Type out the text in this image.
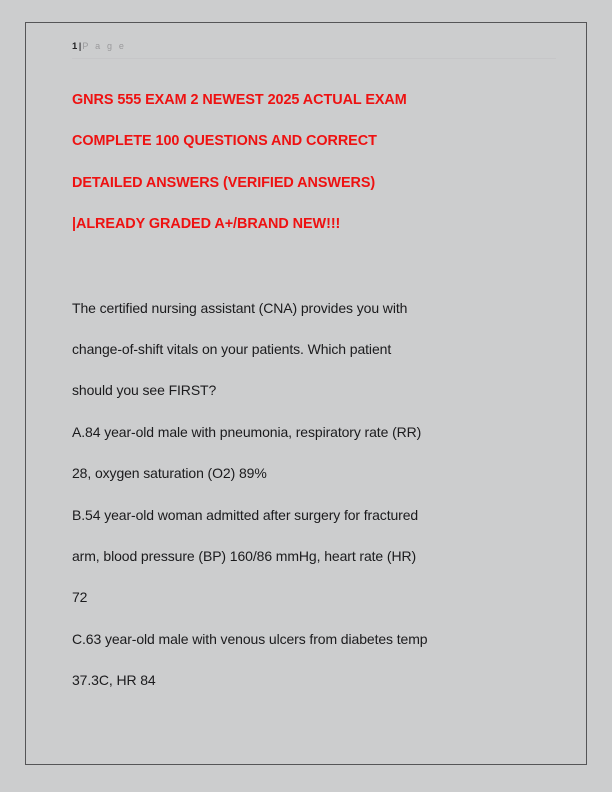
1|P a g e
GNRS 555 EXAM 2 NEWEST 2025 ACTUAL EXAM
COMPLETE 100 QUESTIONS AND CORRECT
DETAILED ANSWERS (VERIFIED ANSWERS)
|ALREADY GRADED A+/BRAND NEW!!!
The certified nursing assistant (CNA) provides you with
change-of-shift vitals on your patients. Which patient
should you see FIRST?
A.84 year-old male with pneumonia, respiratory rate (RR)
28, oxygen saturation (O2) 89%
B.54 year-old woman admitted after surgery for fractured
arm, blood pressure (BP) 160/86 mmHg, heart rate (HR)
72
C.63 year-old male with venous ulcers from diabetes temp
37.3C, HR 84
